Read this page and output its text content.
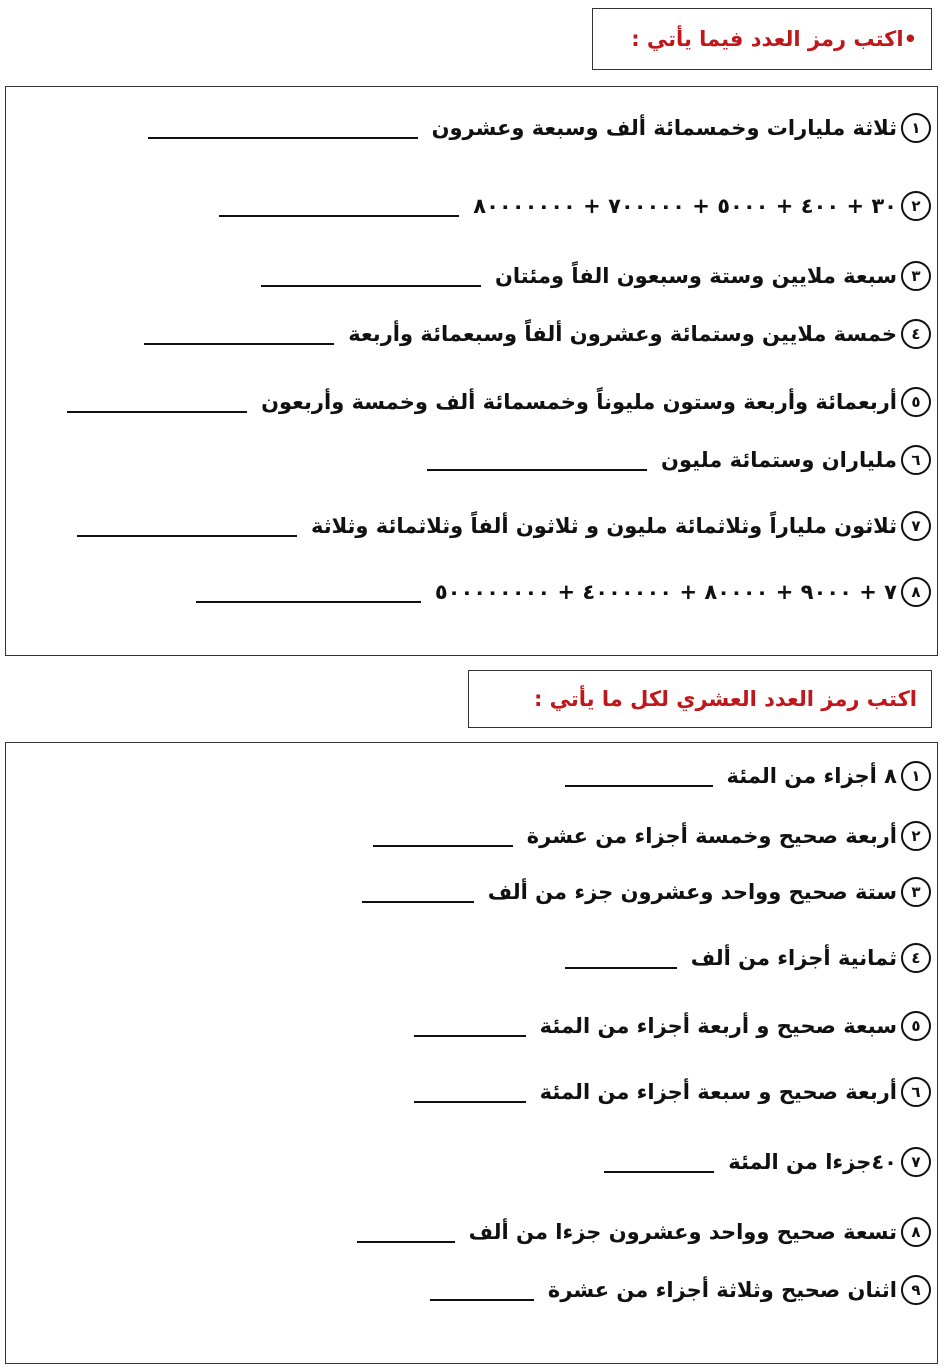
•اكتب رمز العدد فيما يأتي :
١
ثلاثة مليارات وخمسمائة ألف وسبعة وعشرون
٢
٣٠ + ٤٠٠ + ٥٠٠٠ + ٧٠٠٠٠٠ + ٨٠٠٠٠٠٠٠
٣
سبعة ملايين وستة وسبعون الفاً ومئتان
٤
خمسة ملايين وستمائة وعشرون ألفاً وسبعمائة وأربعة
٥
أربعمائة وأربعة وستون مليوناً وخمسمائة ألف وخمسة وأربعون
٦
ملياران وستمائة مليون
٧
ثلاثون ملياراً وثلاثمائة مليون و ثلاثون ألفاً وثلاثمائة وثلاثة
٨
٧ + ٩٠٠٠ + ٨٠٠٠٠ + ٤٠٠٠٠٠٠ + ٥٠٠٠٠٠٠٠٠
اكتب رمز العدد العشري لكل ما يأتي :
١
٨ أجزاء من المئة
٢
أربعة صحيح وخمسة أجزاء من عشرة
٣
ستة صحيح وواحد وعشرون جزء من ألف
٤
ثمانية أجزاء من ألف
٥
سبعة صحيح و أربعة أجزاء من المئة
٦
أربعة صحيح و سبعة أجزاء من المئة
٧
٤٠جزءا من المئة
٨
تسعة صحيح وواحد وعشرون جزءا من ألف
٩
اثنان صحيح وثلاثة أجزاء من عشرة
